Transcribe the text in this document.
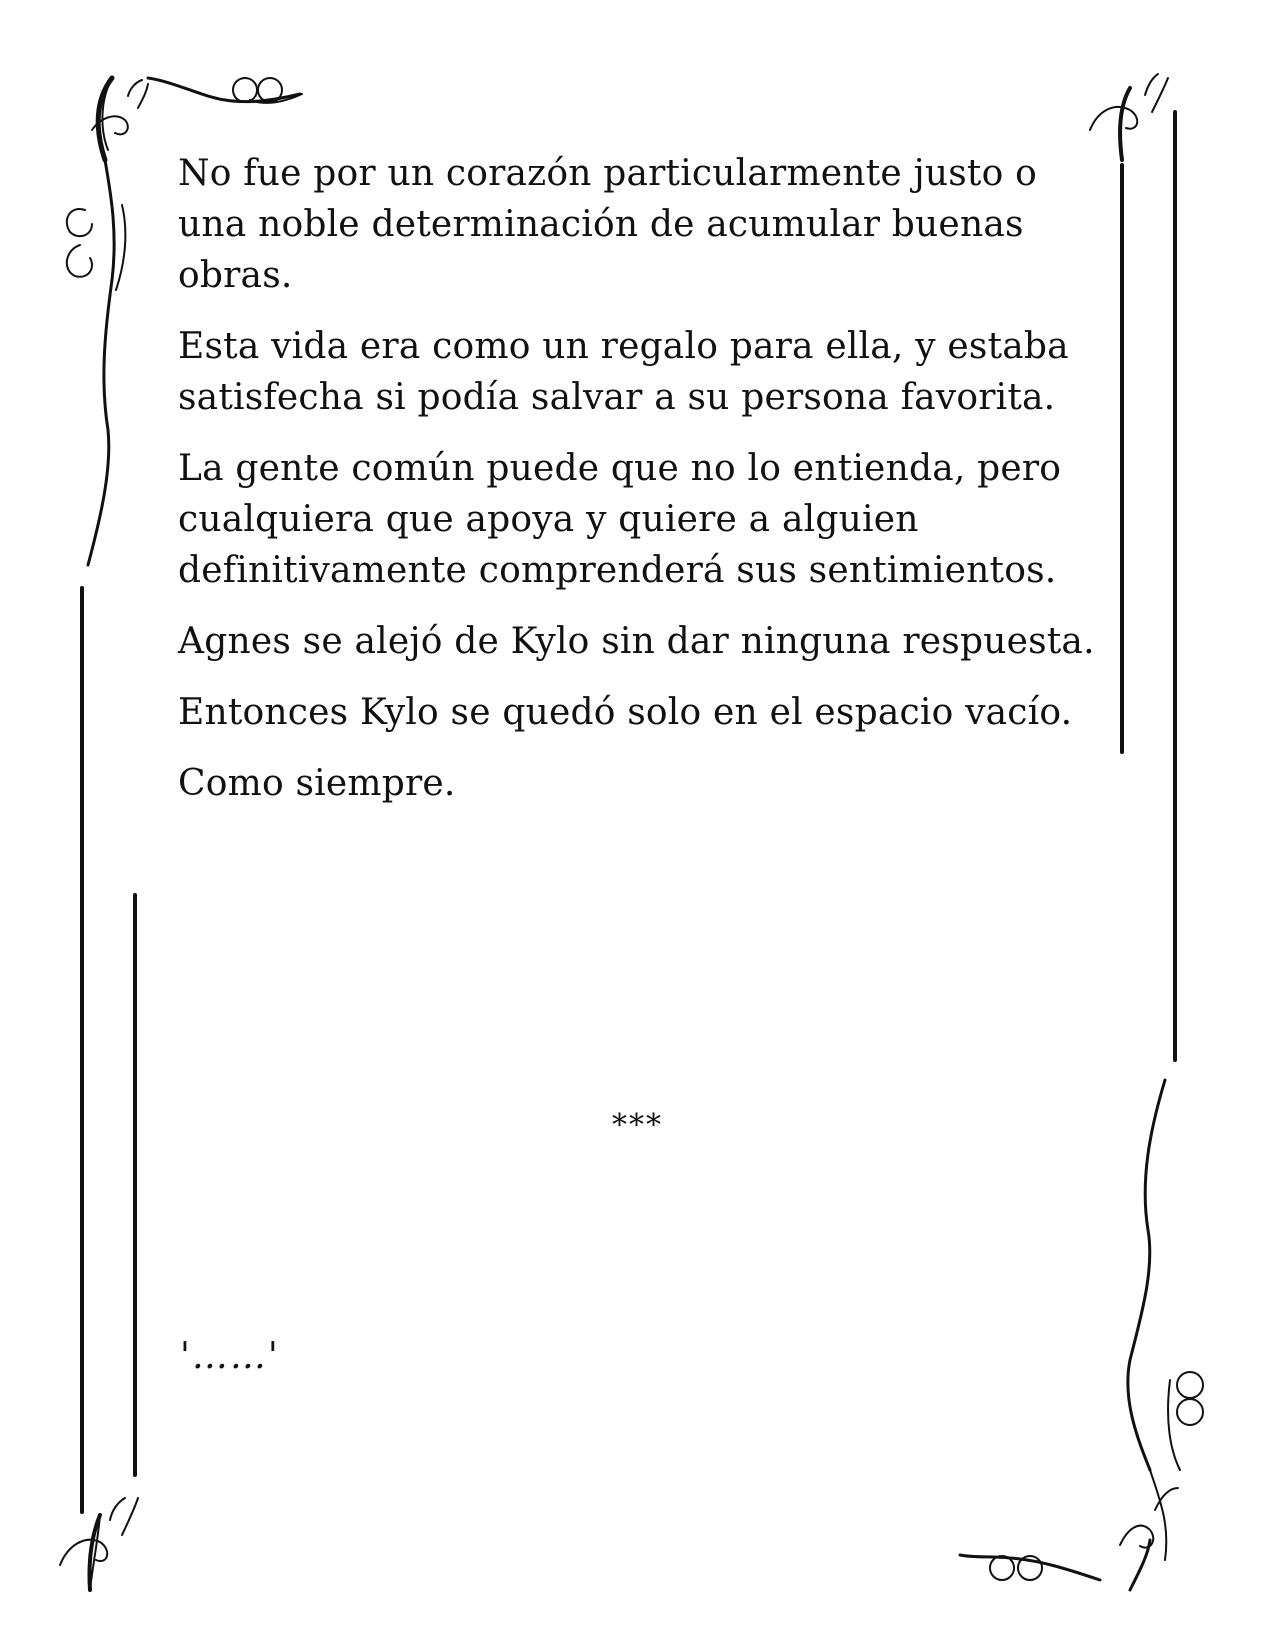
No fue por un corazón particularmente justo o una noble determinación de acumular buenas obras.

Esta vida era como un regalo para ella, y estaba satisfecha si podía salvar a su persona favorita.

La gente común puede que no lo entienda, pero cualquiera que apoya y quiere a alguien definitivamente comprenderá sus sentimientos.

Agnes se alejó de Kylo sin dar ninguna respuesta.

Entonces Kylo se quedó solo en el espacio vacío.

Como siempre.

***
'……'
